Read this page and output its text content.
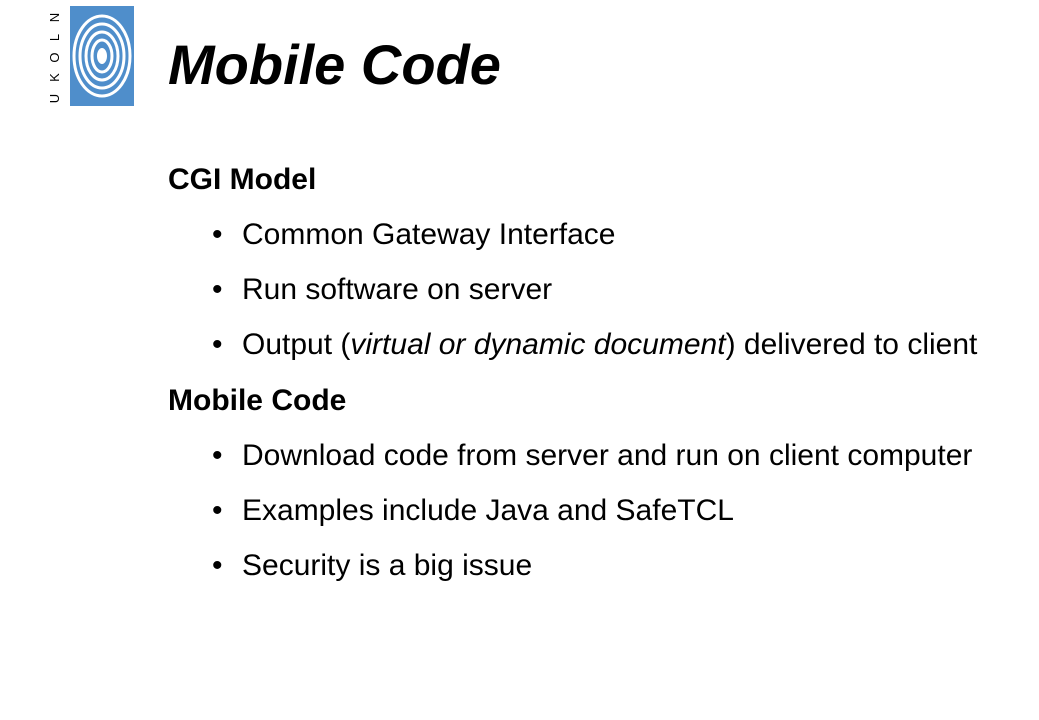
U
K
O
L
N
Mobile Code
CGI Model
• Common Gateway Interface
• Run software on server
• Output (virtual or dynamic document) delivered to client
Mobile Code
• Download code from server and run on client computer
• Examples include Java and SafeTCL
• Security is a big issue
